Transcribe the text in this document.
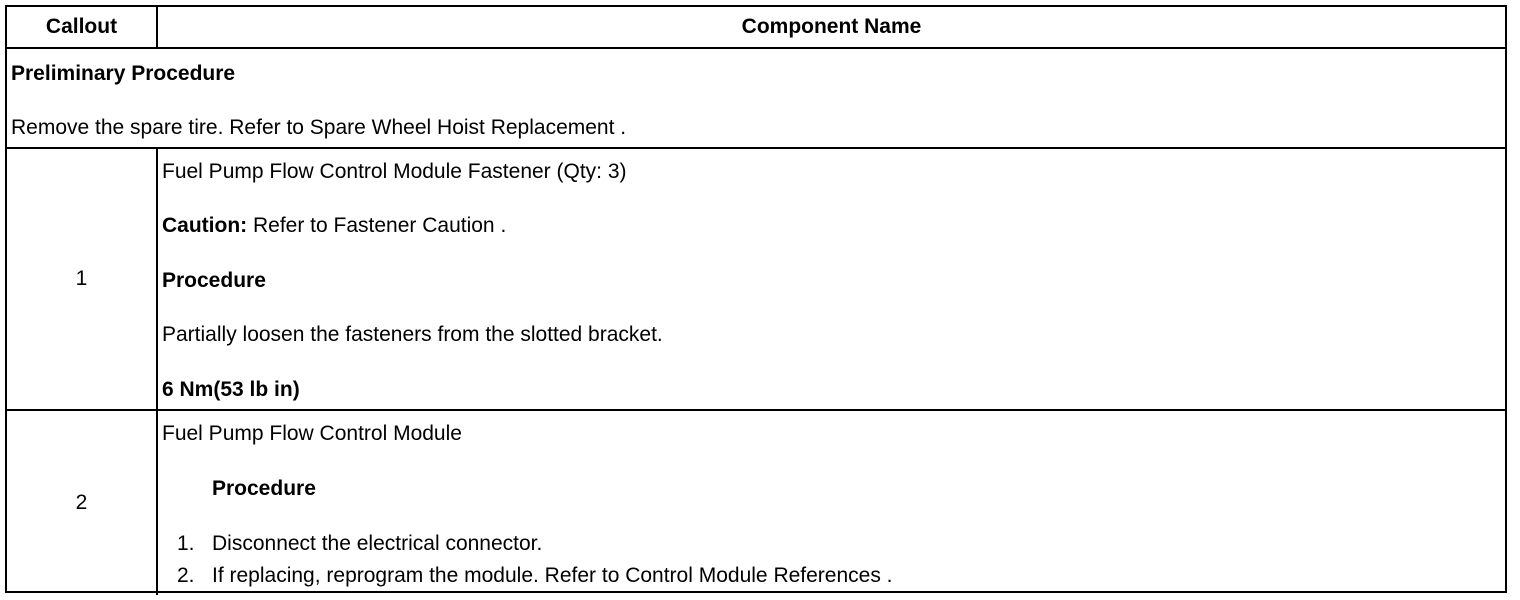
Callout	Component Name
Preliminary Procedure
Remove the spare tire. Refer to Spare Wheel Hoist Replacement .
1
Fuel Pump Flow Control Module Fastener (Qty: 3)
Caution: Refer to Fastener Caution .
Procedure
Partially loosen the fasteners from the slotted bracket.
6 Nm(53 lb in)
2
Fuel Pump Flow Control Module
Procedure
1. Disconnect the electrical connector.
2. If replacing, reprogram the module. Refer to Control Module References .
